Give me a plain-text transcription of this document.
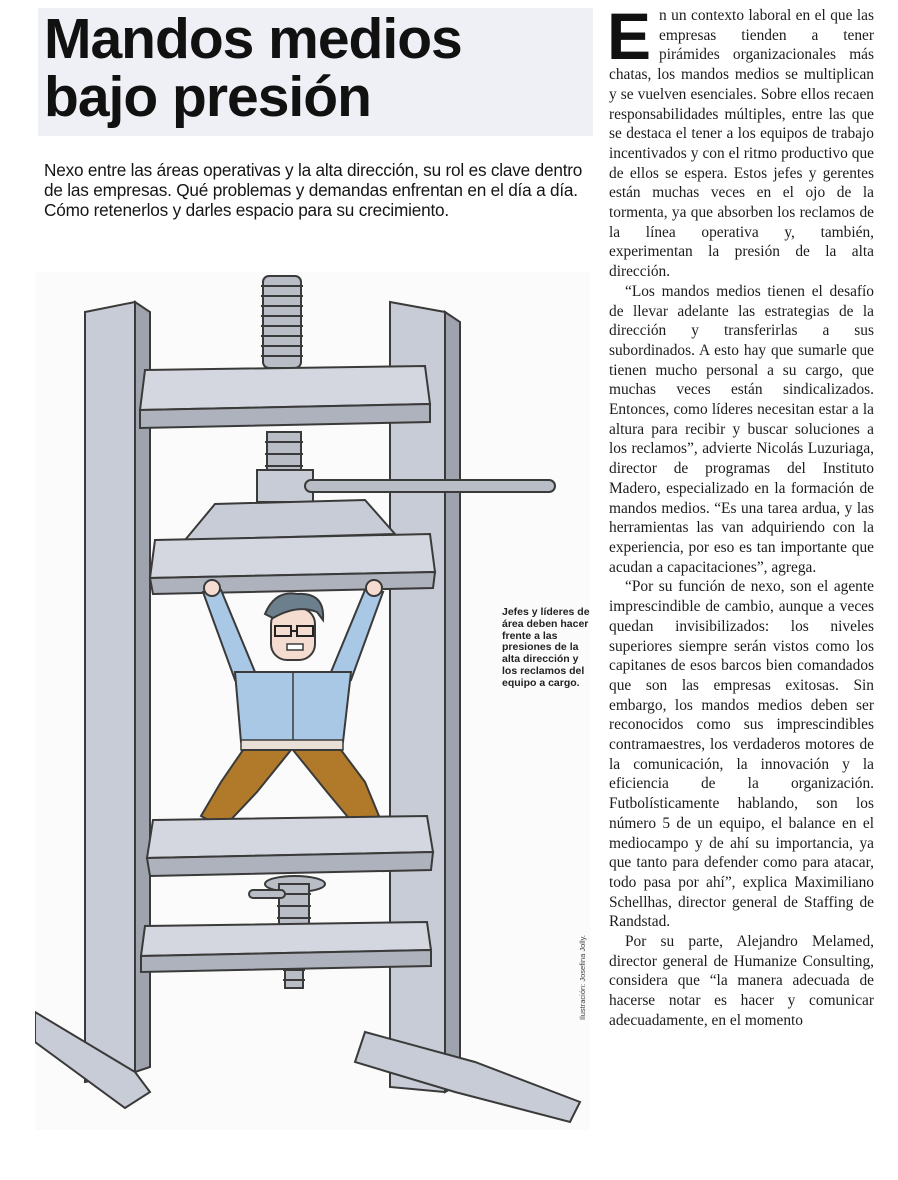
Mandos medios
bajo presión

Nexo entre las áreas operativas y la alta dirección, su rol es clave dentro de las empresas. Qué problemas y demandas enfrentan en el día a día. Cómo retenerlos y darles espacio para su crecimiento.

Jefes y líderes de área deben hacer frente a las presiones de la alta dirección y los reclamos del equipo a cargo.

Ilustración: Josefina Jolly.

En un contexto laboral en el que las empresas tienden a tener pirámides organizacionales más chatas, los mandos medios se multiplican y se vuelven esenciales. Sobre ellos recaen responsabilidades múltiples, entre las que se destaca el tener a los equipos de trabajo incentivados y con el ritmo productivo que de ellos se espera. Estos jefes y gerentes están muchas veces en el ojo de la tormenta, ya que absorben los reclamos de la línea operativa y, también, experimentan la presión de la alta dirección.

“Los mandos medios tienen el desafío de llevar adelante las estrategias de la dirección y transferirlas a sus subordinados. A esto hay que sumarle que tienen mucho personal a su cargo, que muchas veces están sindicalizados. Entonces, como líderes necesitan estar a la altura para recibir y buscar soluciones a los reclamos”, advierte Nicolás Luzuriaga, director de programas del Instituto Madero, especializado en la formación de mandos medios. “Es una tarea ardua, y las herramientas las van adquiriendo con la experiencia, por eso es tan importante que acudan a capacitaciones”, agrega.

“Por su función de nexo, son el agente imprescindible de cambio, aunque a veces quedan invisibilizados: los niveles superiores siempre serán vistos como los capitanes de esos barcos bien comandados que son las empresas exitosas. Sin embargo, los mandos medios deben ser reconocidos como sus imprescindibles contramaestres, los verdaderos motores de la comunicación, la innovación y la eficiencia de la organización. Futbolísticamente hablando, son los número 5 de un equipo, el balance en el mediocampo y de ahí su importancia, ya que tanto para defender como para atacar, todo pasa por ahí”, explica Maximiliano Schellhas, director general de Staffing de Randstad.

Por su parte, Alejandro Melamed, director general de Humanize Consulting, considera que “la manera adecuada de hacerse notar es hacer y comunicar adecuadamente, en el momento
